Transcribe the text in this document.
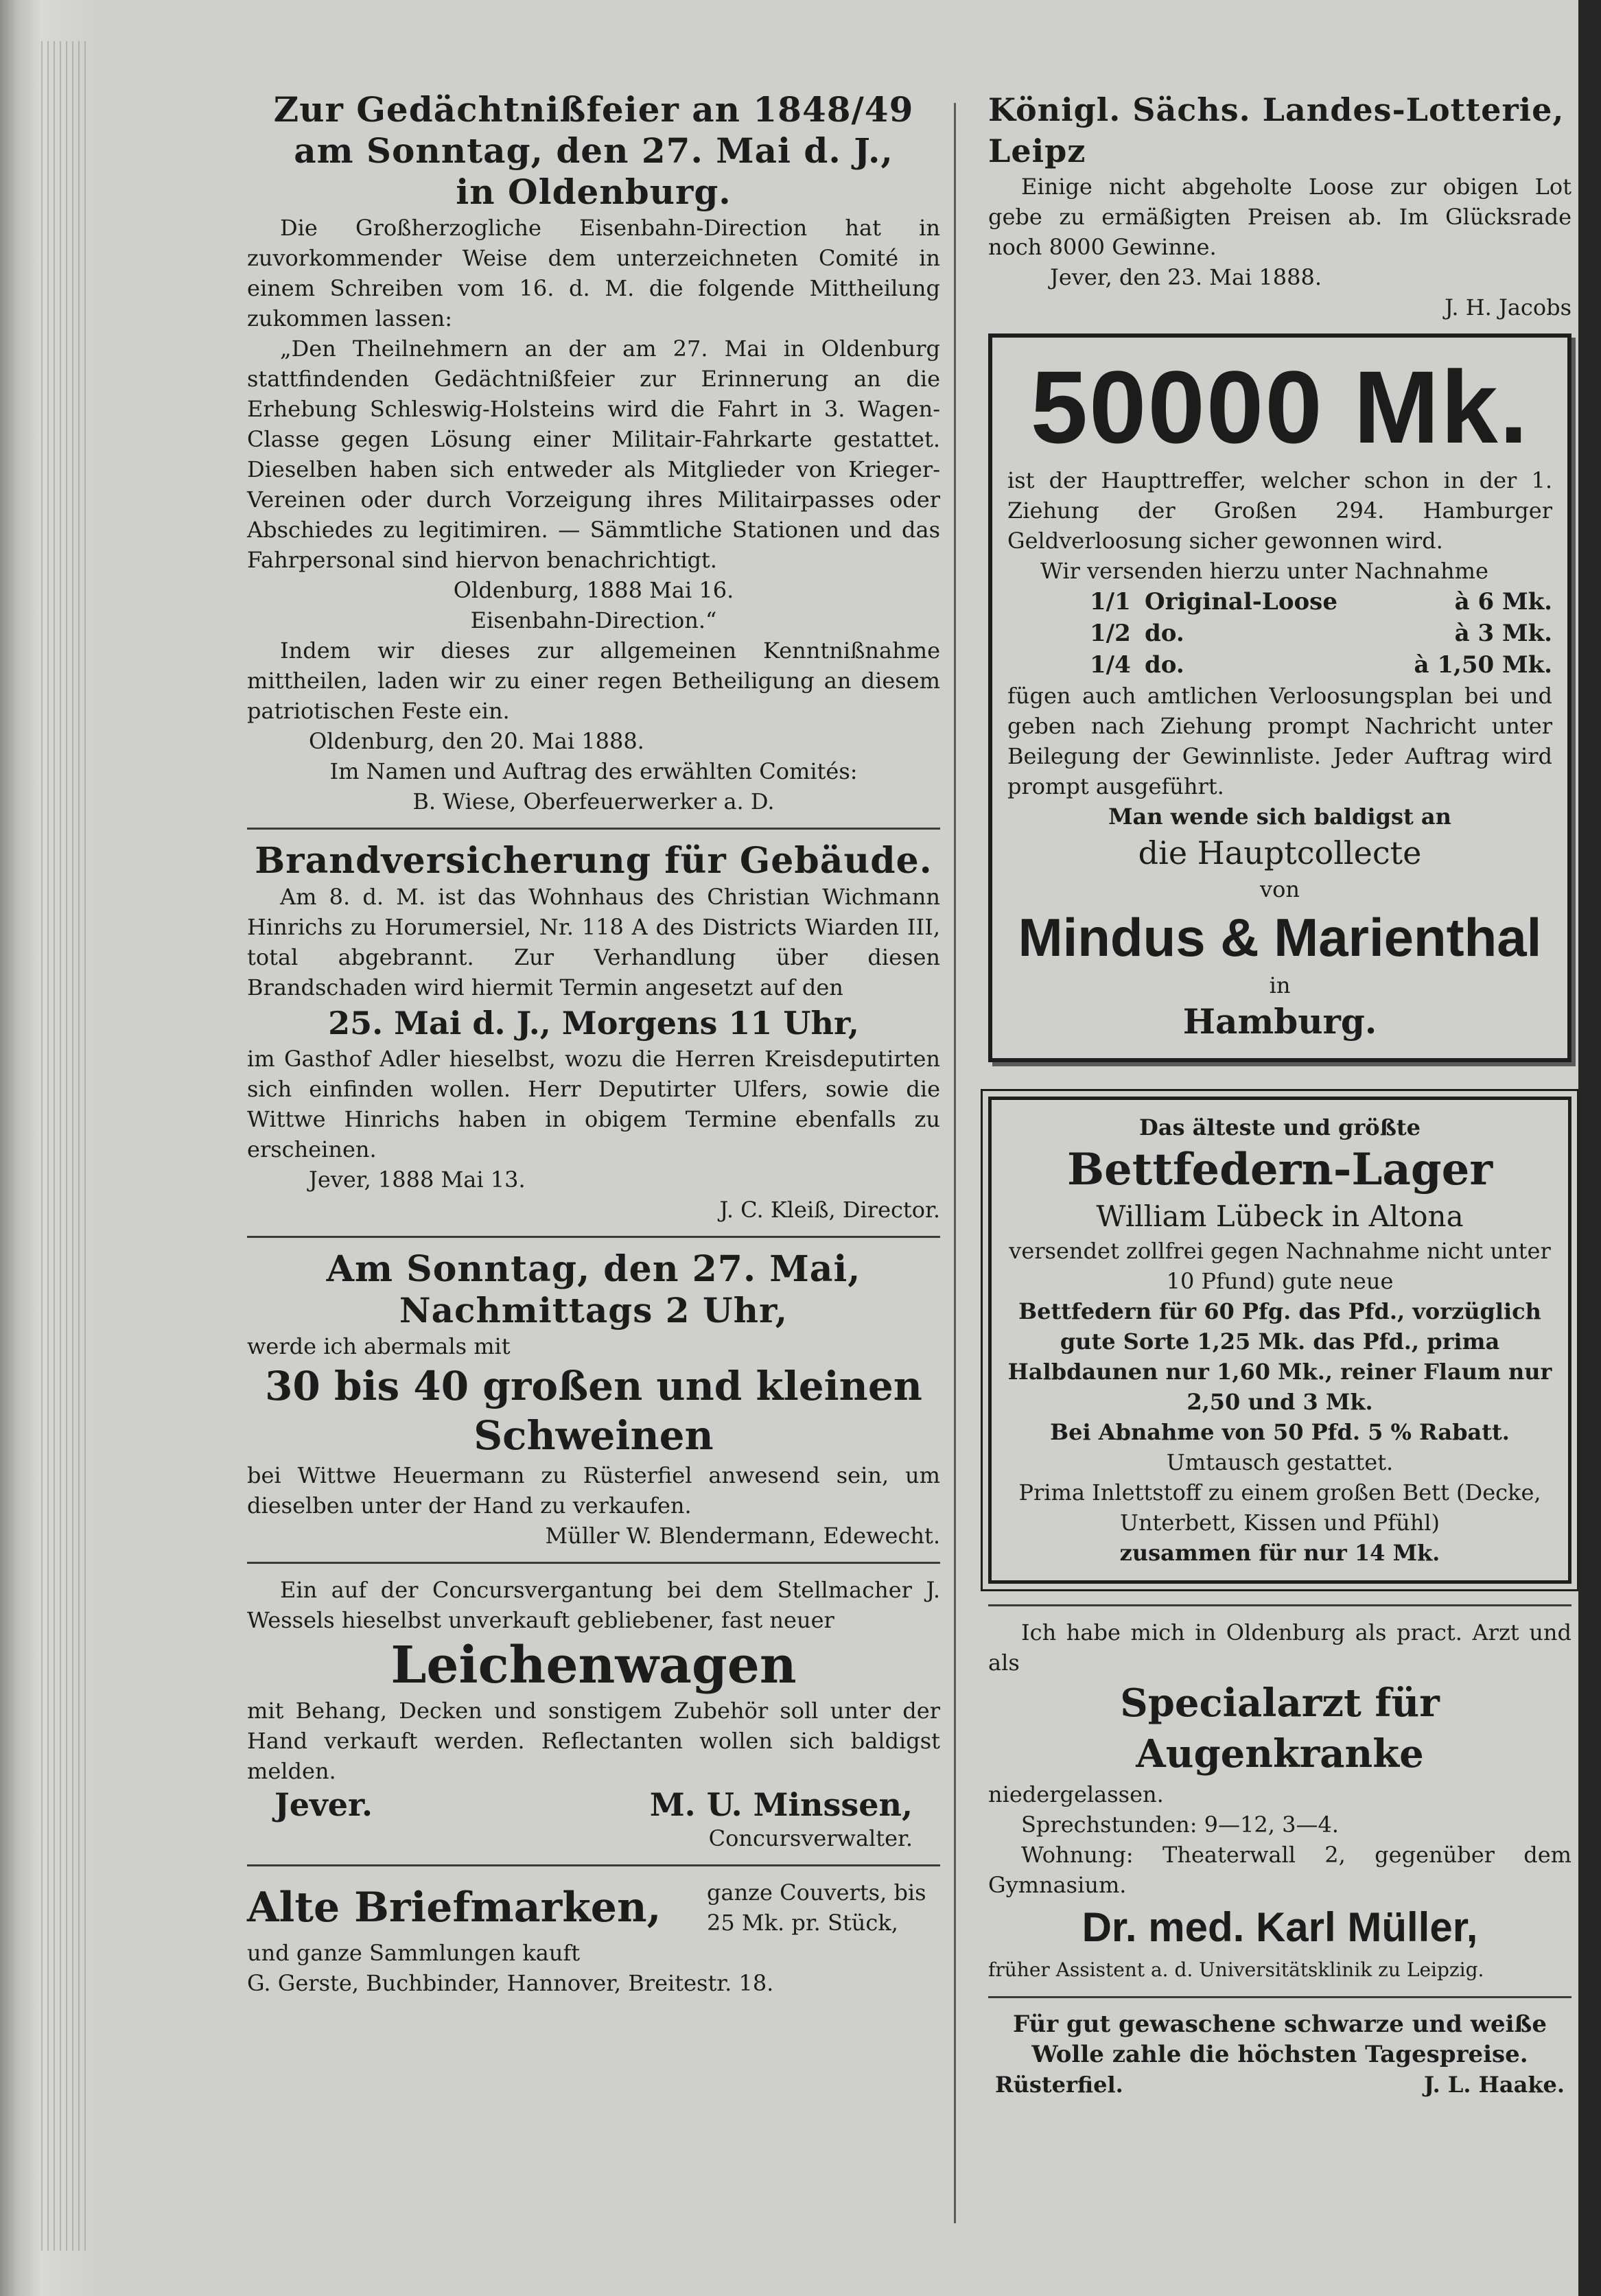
Zur Gedächtnißfeier an 1848/49
am Sonntag, den 27. Mai d. J.,
in Oldenburg.

Die Großherzogliche Eisenbahn-Direction hat in zuvorkommender Weise dem unterzeichneten Comité in einem Schreiben vom 16. d. M. die folgende Mittheilung zukommen lassen:

„Den Theilnehmern an der am 27. Mai in Oldenburg stattfindenden Gedächtnißfeier zur Erinnerung an die Erhebung Schleswig-Holsteins wird die Fahrt in 3. Wagen-Classe gegen Lösung einer Militair-Fahrkarte gestattet. Dieselben haben sich entweder als Mitglieder von Krieger-Vereinen oder durch Vorzeigung ihres Militairpasses oder Abschiedes zu legitimiren. — Sämmtliche Stationen und das Fahrpersonal sind hiervon benachrichtigt.

Oldenburg, 1888 Mai 16.

Eisenbahn-Direction.“

Indem wir dieses zur allgemeinen Kenntnißnahme mittheilen, laden wir zu einer regen Betheiligung an diesem patriotischen Feste ein.

Oldenburg, den 20. Mai 1888.

Im Namen und Auftrag des erwählten Comités:

B. Wiese, Oberfeuerwerker a. D.

Brandversicherung für Gebäude.

Am 8. d. M. ist das Wohnhaus des Christian Wichmann Hinrichs zu Horumersiel, Nr. 118 A des Districts Wiarden III, total abgebrannt. Zur Verhandlung über diesen Brandschaden wird hiermit Termin angesetzt auf den

25. Mai d. J., Morgens 11 Uhr,

im Gasthof Adler hieselbst, wozu die Herren Kreisdeputirten sich einfinden wollen. Herr Deputirter Ulfers, sowie die Wittwe Hinrichs haben in obigem Termine ebenfalls zu erscheinen.

Jever, 1888 Mai 13.

J. C. Kleiß, Director.

Am Sonntag, den 27. Mai,
Nachmittags 2 Uhr,

werde ich abermals mit

30 bis 40 großen und kleinen
Schweinen

bei Wittwe Heuermann zu Rüsterfiel anwesend sein, um dieselben unter der Hand zu verkaufen.

Müller W. Blendermann, Edewecht.

Ein auf der Concursvergantung bei dem Stellmacher J. Wessels hieselbst unverkauft gebliebener, fast neuer

Leichenwagen

mit Behang, Decken und sonstigem Zubehör soll unter der Hand verkauft werden. Reflectanten wollen sich baldigst melden.

Jever.	M. U. Minssen,

Concursverwalter.

Alte Briefmarken,	ganze Couverts, bis 25 Mk. pr. Stück,

und ganze Sammlungen kauft

G. Gerste, Buchbinder, Hannover, Breitestr. 18.

Königl. Sächs. Landes-Lotterie, Leipz

Einige nicht abgeholte Loose zur obigen Lot gebe zu ermäßigten Preisen ab. Im Glücksrade noch 8000 Gewinne.

Jever, den 23. Mai 1888.

J. H. Jacobs

50000 Mk.

ist der Haupttreffer, welcher schon in der 1. Ziehung der Großen 294. Hamburger Geldverloosung sicher gewonnen wird.

Wir versenden hierzu unter Nachnahme

1/1 Original-Loose	à 6 Mk.
1/2 do.	à 3 Mk.
1/4 do.	à 1,50 Mk.

fügen auch amtlichen Verloosungsplan bei und geben nach Ziehung prompt Nachricht unter Beilegung der Gewinnliste. Jeder Auftrag wird prompt ausgeführt.

Man wende sich baldigst an

die Hauptcollecte

von

Mindus & Marienthal

in

Hamburg.

Das älteste und größte

Bettfedern-Lager
William Lübeck in Altona

versendet zollfrei gegen Nachnahme nicht unter 10 Pfund) gute neue

Bettfedern für 60 Pfg. das Pfd., vorzüglich gute Sorte 1,25 Mk. das Pfd., prima Halbdaunen nur 1,60 Mk., reiner Flaum nur 2,50 und 3 Mk.

Bei Abnahme von 50 Pfd. 5 % Rabatt.

Umtausch gestattet.

Prima Inlettstoff zu einem großen Bett (Decke, Unterbett, Kissen und Pfühl)

zusammen für nur 14 Mk.

Ich habe mich in Oldenburg als pract. Arzt und als

Specialarzt für Augenkranke

niedergelassen.

Sprechstunden: 9—12, 3—4.

Wohnung: Theaterwall 2, gegenüber dem Gymnasium.

Dr. med. Karl Müller,

früher Assistent a. d. Universitätsklinik zu Leipzig.

Für gut gewaschene schwarze und weiße Wolle zahle die höchsten Tagespreise.

Rüsterfiel.	J. L. Haake.
